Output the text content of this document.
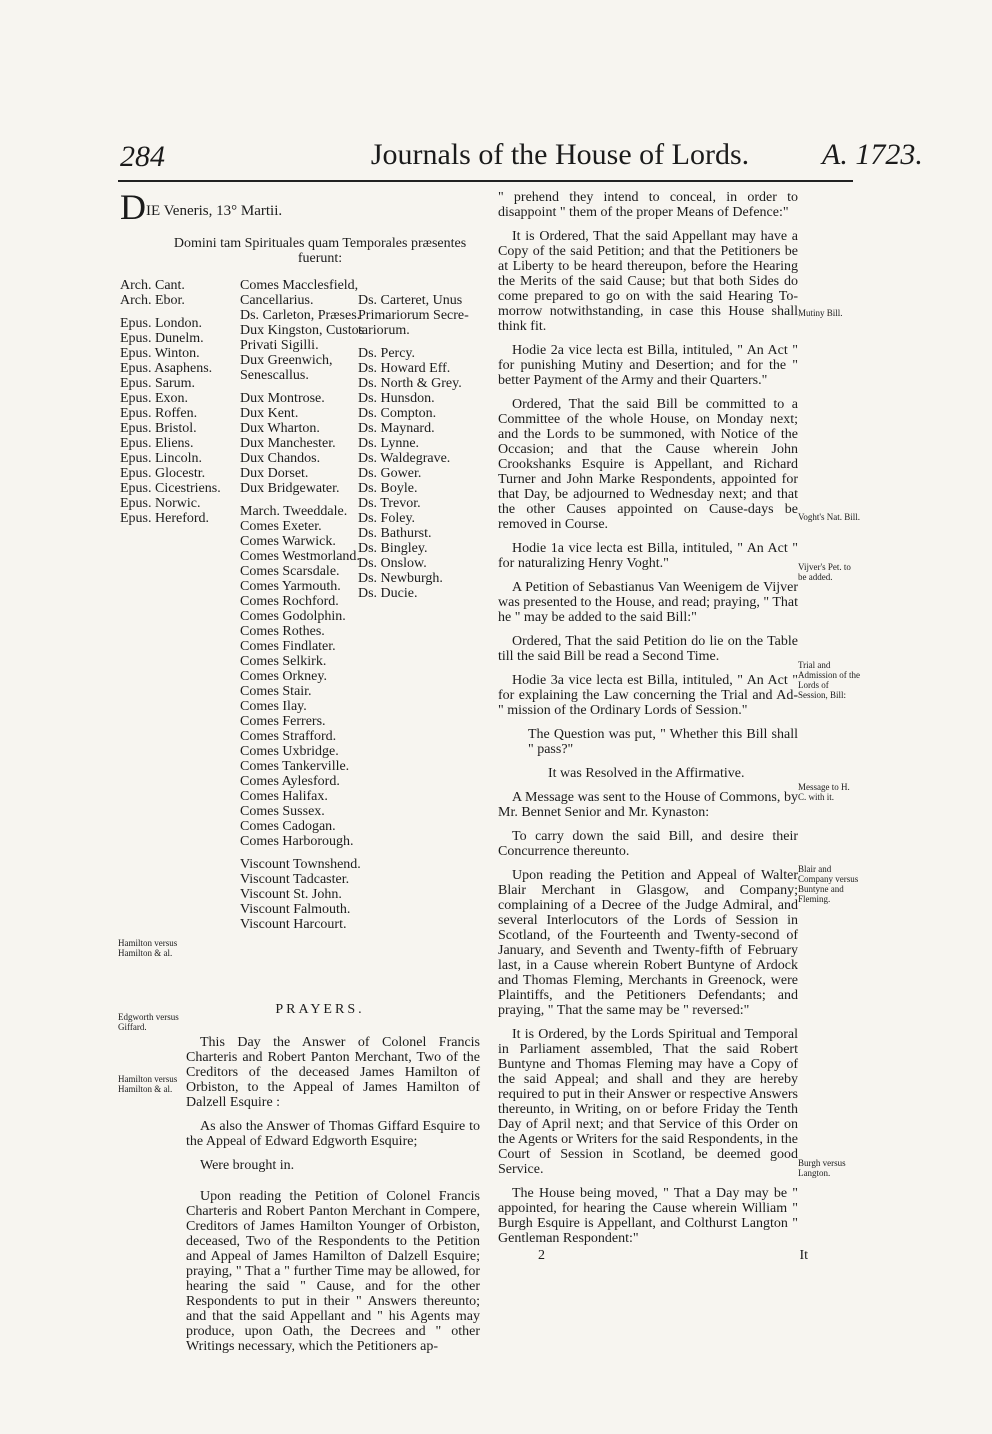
284	Journals of the House of Lords.	A. 1723.
DIE Veneris, 13° Martii.
Domini tam Spirituales quam Temporales præsentes fuerunt:
Arch. Cant.
Arch. Ebor.
Epus. London.
Epus. Dunelm.
Epus. Winton.
Epus. Asaphens.
Epus. Sarum.
Epus. Exon.
Epus. Roffen.
Epus. Bristol.
Epus. Eliens.
Epus. Lincoln.
Epus. Glocestr.
Epus. Cicestriens.
Epus. Norwic.
Epus. Hereford.
Comes Macclesfield,
Cancellarius.
Ds. Carleton, Præses.
Dux Kingston, Custos
Privati Sigilli.
Dux Greenwich,
Senescallus.
Dux Montrose.
Dux Kent.
Dux Wharton.
Dux Manchester.
Dux Chandos.
Dux Dorset.
Dux Bridgewater.
March. Tweeddale.
Comes Exeter.
Comes Warwick.
Comes Westmorland.
Comes Scarsdale.
Comes Yarmouth.
Comes Rochford.
Comes Godolphin.
Comes Rothes.
Comes Findlater.
Comes Selkirk.
Comes Orkney.
Comes Stair.
Comes Ilay.
Comes Ferrers.
Comes Strafford.
Comes Uxbridge.
Comes Tankerville.
Comes Aylesford.
Comes Halifax.
Comes Sussex.
Comes Cadogan.
Comes Harborough.
Viscount Townshend.
Viscount Tadcaster.
Viscount St. John.
Viscount Falmouth.
Viscount Harcourt.
Ds. Carteret, Unus
Primariorum Secre-
tariorum.
Ds. Percy.
Ds. Howard Eff.
Ds. North & Grey.
Ds. Hunsdon.
Ds. Compton.
Ds. Maynard.
Ds. Lynne.
Ds. Waldegrave.
Ds. Gower.
Ds. Boyle.
Ds. Trevor.
Ds. Foley.
Ds. Bathurst.
Ds. Bingley.
Ds. Onslow.
Ds. Newburgh.
Ds. Ducie.
PRAYERS.

This Day the Answer of Colonel Francis Charteris and Robert Panton Merchant, Two of the Creditors of the deceased James Hamilton of Orbiston, to the Appeal of James Hamilton of Dalzell Esquire :

As also the Answer of Thomas Giffard Esquire to the Appeal of Edward Edgworth Esquire;

Were brought in.

Upon reading the Petition of Colonel Francis Charteris and Robert Panton Merchant in Compere, Creditors of James Hamilton Younger of Orbiston, deceased, Two of the Respondents to the Petition and Appeal of James Hamilton of Dalzell Esquire; praying, " That a " further Time may be allowed, for hearing the said " Cause, and for the other Respondents to put in their " Answers thereunto; and that the said Appellant and " his Agents may produce, upon Oath, the Decrees and " other Writings necessary, which the Petitioners ap-

Hamilton versus Hamilton & al.
Edgworth versus Giffard.
Hamilton versus Hamilton & al.

" prehend they intend to conceal, in order to disappoint " them of the proper Means of Defence:"

It is Ordered, That the said Appellant may have a Copy of the said Petition; and that the Petitioners be at Liberty to be heard thereupon, before the Hearing the Merits of the said Cause; but that both Sides do come prepared to go on with the said Hearing To-morrow notwithstanding, in case this House shall think fit.

Hodie 2a vice lecta est Billa, intituled, " An Act " for punishing Mutiny and Desertion; and for the " better Payment of the Army and their Quarters."

Ordered, That the said Bill be committed to a Committee of the whole House, on Monday next; and the Lords to be summoned, with Notice of the Occasion; and that the Cause wherein John Crookshanks Esquire is Appellant, and Richard Turner and John Marke Respondents, appointed for that Day, be adjourned to Wednesday next; and that the other Causes appointed on Cause-days be removed in Course.

Hodie 1a vice lecta est Billa, intituled, " An Act " for naturalizing Henry Voght."

A Petition of Sebastianus Van Weenigem de Vijver was presented to the House, and read; praying, " That he " may be added to the said Bill:"

Ordered, That the said Petition do lie on the Table till the said Bill be read a Second Time.

Hodie 3a vice lecta est Billa, intituled, " An Act " for explaining the Law concerning the Trial and Ad- " mission of the Ordinary Lords of Session."

The Question was put, " Whether this Bill shall " pass?"

It was Resolved in the Affirmative.

A Message was sent to the House of Commons, by Mr. Bennet Senior and Mr. Kynaston:

To carry down the said Bill, and desire their Concurrence thereunto.

Upon reading the Petition and Appeal of Walter Blair Merchant in Glasgow, and Company; complaining of a Decree of the Judge Admiral, and several Interlocutors of the Lords of Session in Scotland, of the Fourteenth and Twenty-second of January, and Seventh and Twenty-fifth of February last, in a Cause wherein Robert Buntyne of Ardock and Thomas Fleming, Merchants in Greenock, were Plaintiffs, and the Petitioners Defendants; and praying, " That the same may be " reversed:"

It is Ordered, by the Lords Spiritual and Temporal in Parliament assembled, That the said Robert Buntyne and Thomas Fleming may have a Copy of the said Appeal; and shall and they are hereby required to put in their Answer or respective Answers thereunto, in Writing, on or before Friday the Tenth Day of April next; and that Service of this Order on the Agents or Writers for the said Respondents, in the Court of Session in Scotland, be deemed good Service.

The House being moved, " That a Day may be " appointed, for hearing the Cause wherein William " Burgh Esquire is Appellant, and Colthurst Langton " Gentleman Respondent:"

2	It
Mutiny Bill.
Voght's Nat. Bill.
Vijver's Pet. to be added.
Trial and Admission of the Lords of Session, Bill:
Message to H. C. with it.
Blair and Company versus Buntyne and Fleming.
Burgh versus Langton.
